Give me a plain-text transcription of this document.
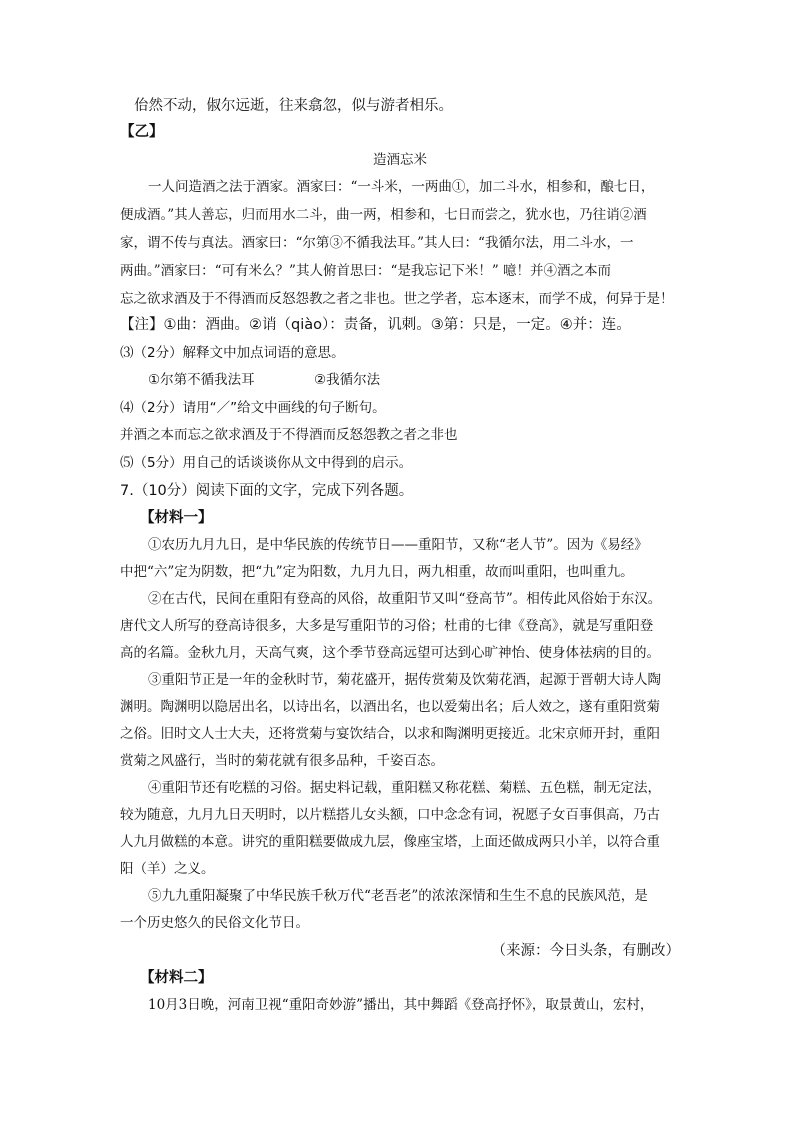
佁然不动，俶尔远逝，往来翕忽，似与游者相乐。
【乙】
造酒忘米
一人问造酒之法于酒家。酒家曰：“一斗米，一两曲①，加二斗水，相参和，酿七日，
便成酒。”其人善忘，归而用水二斗，曲一两，相参和，七日而尝之，犹水也，乃往诮②酒
家，谓不传与真法。酒家曰：“尔第③不循我法耳。”其人曰：“我循尔法，用二斗水，一
两曲。”酒家曰：“可有米么？”其人俯首思曰：“是我忘记下米！” 噫！并④酒之本而
忘之欲求酒及于不得酒而反怒怨教之者之非也。世之学者，忘本逐末，而学不成，何异于是！
【注】①曲：酒曲。②诮（qiào）：责备，讥刺。③第：只是，一定。④并：连。
⑶（2分）解释文中加点词语的意思。
①尔第不循我法耳	②我循尔法
⑷（2分）请用“／”给文中画线的句子断句。
并酒之本而忘之欲求酒及于不得酒而反怒怨教之者之非也
⑸（5分）用自己的话谈谈你从文中得到的启示。
7.（10分）阅读下面的文字，完成下列各题。
【材料一】
①农历九月九日，是中华民族的传统节日——重阳节，又称“老人节”。因为《易经》
中把“六”定为阴数，把“九”定为阳数，九月九日，两九相重，故而叫重阳，也叫重九。
②在古代，民间在重阳有登高的风俗，故重阳节又叫“登高节”。相传此风俗始于东汉。
唐代文人所写的登高诗很多，大多是写重阳节的习俗；杜甫的七律《登高》，就是写重阳登
高的名篇。金秋九月，天高气爽，这个季节登高远望可达到心旷神怡、使身体祛病的目的。
③重阳节正是一年的金秋时节，菊花盛开，据传赏菊及饮菊花酒，起源于晋朝大诗人陶
渊明。陶渊明以隐居出名，以诗出名，以酒出名，也以爱菊出名；后人效之，遂有重阳赏菊
之俗。旧时文人士大夫，还将赏菊与宴饮结合，以求和陶渊明更接近。北宋京师开封，重阳
赏菊之风盛行，当时的菊花就有很多品种，千姿百态。
④重阳节还有吃糕的习俗。据史料记载，重阳糕又称花糕、菊糕、五色糕，制无定法，
较为随意，九月九日天明时，以片糕搭儿女头额，口中念念有词，祝愿子女百事俱高，乃古
人九月做糕的本意。讲究的重阳糕要做成九层，像座宝塔，上面还做成两只小羊，以符合重
阳（羊）之义。
⑤九九重阳凝聚了中华民族千秋万代“老吾老”的浓浓深情和生生不息的民族风范，是
一个历史悠久的民俗文化节日。
（来源：今日头条，有删改）
【材料二】
10月3日晚，河南卫视“重阳奇妙游”播出，其中舞蹈《登高抒怀》，取景黄山，宏村，
